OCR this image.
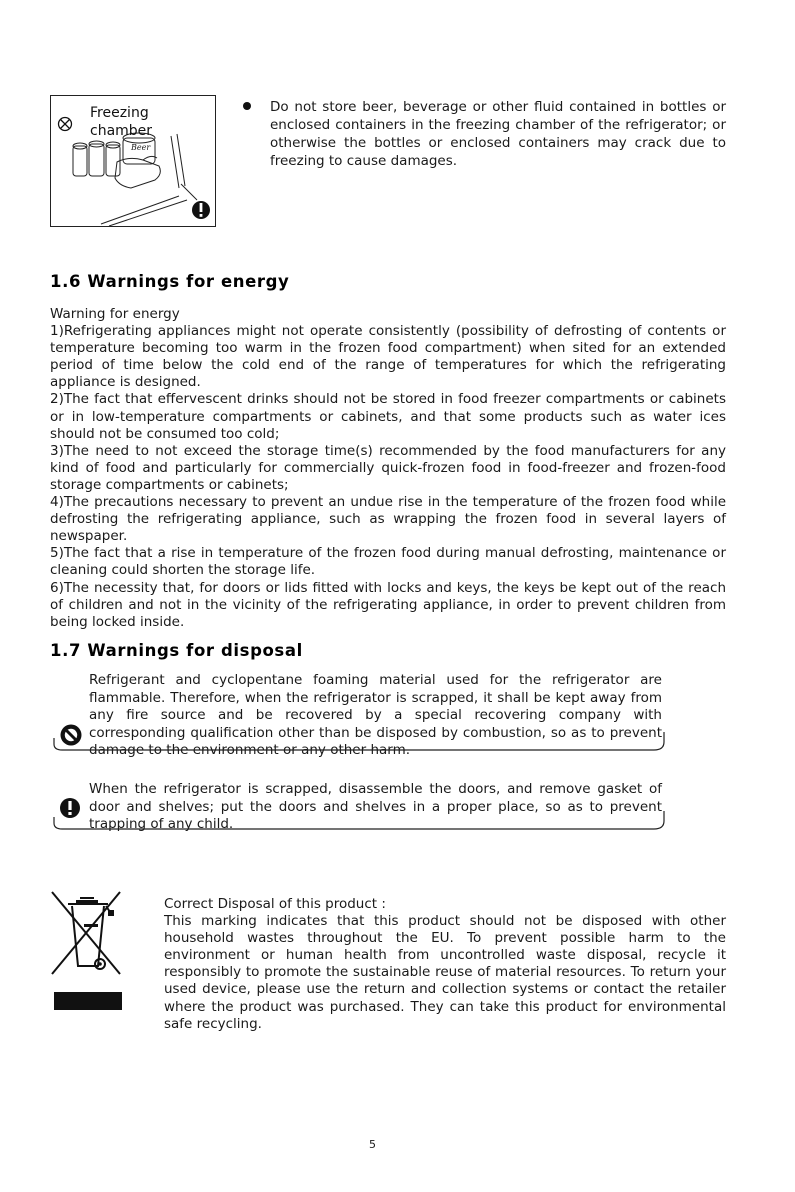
Freezing chamber
Beer
Do not store beer, beverage or other fluid contained in bottles or enclosed containers in the freezing chamber of the refrigerator; or otherwise the bottles or enclosed containers may crack due to freezing to cause damages.
1.6 Warnings for energy
Warning for energy
1)Refrigerating appliances might not operate consistently (possibility of defrosting of contents or temperature becoming too warm in the frozen food compartment) when sited for an extended period of time below the cold end of the range of temperatures for which the refrigerating appliance is designed.
2)The fact that effervescent drinks should not be stored in food freezer compartments or cabinets or in low-temperature compartments or cabinets, and that some products such as water ices should not be consumed too cold;
3)The need to not exceed the storage time(s) recommended by the food manufacturers for any kind of food and particularly for commercially quick-frozen food in food-freezer and frozen-food storage compartments or cabinets;
4)The precautions necessary to prevent an undue rise in the temperature of the frozen food while defrosting the refrigerating appliance, such as wrapping the frozen food in several layers of newspaper.
5)The fact that a rise in temperature of the frozen food during manual defrosting, maintenance or cleaning could shorten the storage life.
6)The necessity that, for doors or lids fitted with locks and keys, the keys be kept out of the reach of children and not in the vicinity of the refrigerating appliance, in order to prevent children from being locked inside.
1.7 Warnings for disposal
Refrigerant and cyclopentane foaming material used for the refrigerator are flammable. Therefore, when the refrigerator is scrapped, it shall be kept away from any fire source and be recovered by a special recovering company with corresponding qualification other than be disposed by combustion, so as to prevent damage to the environment or any other harm.
When the refrigerator is scrapped, disassemble the doors, and remove gasket of door and shelves; put the doors and shelves in a proper place, so as to prevent trapping of any child.
Correct Disposal of this product :
This marking indicates that this product should not be disposed with other household wastes throughout the EU. To prevent possible harm to the environment or human health from uncontrolled waste disposal, recycle it responsibly to promote the sustainable reuse of material resources. To return your used device, please use the return and collection systems or contact the retailer where the product was purchased. They can take this product for environmental safe recycling.
5
